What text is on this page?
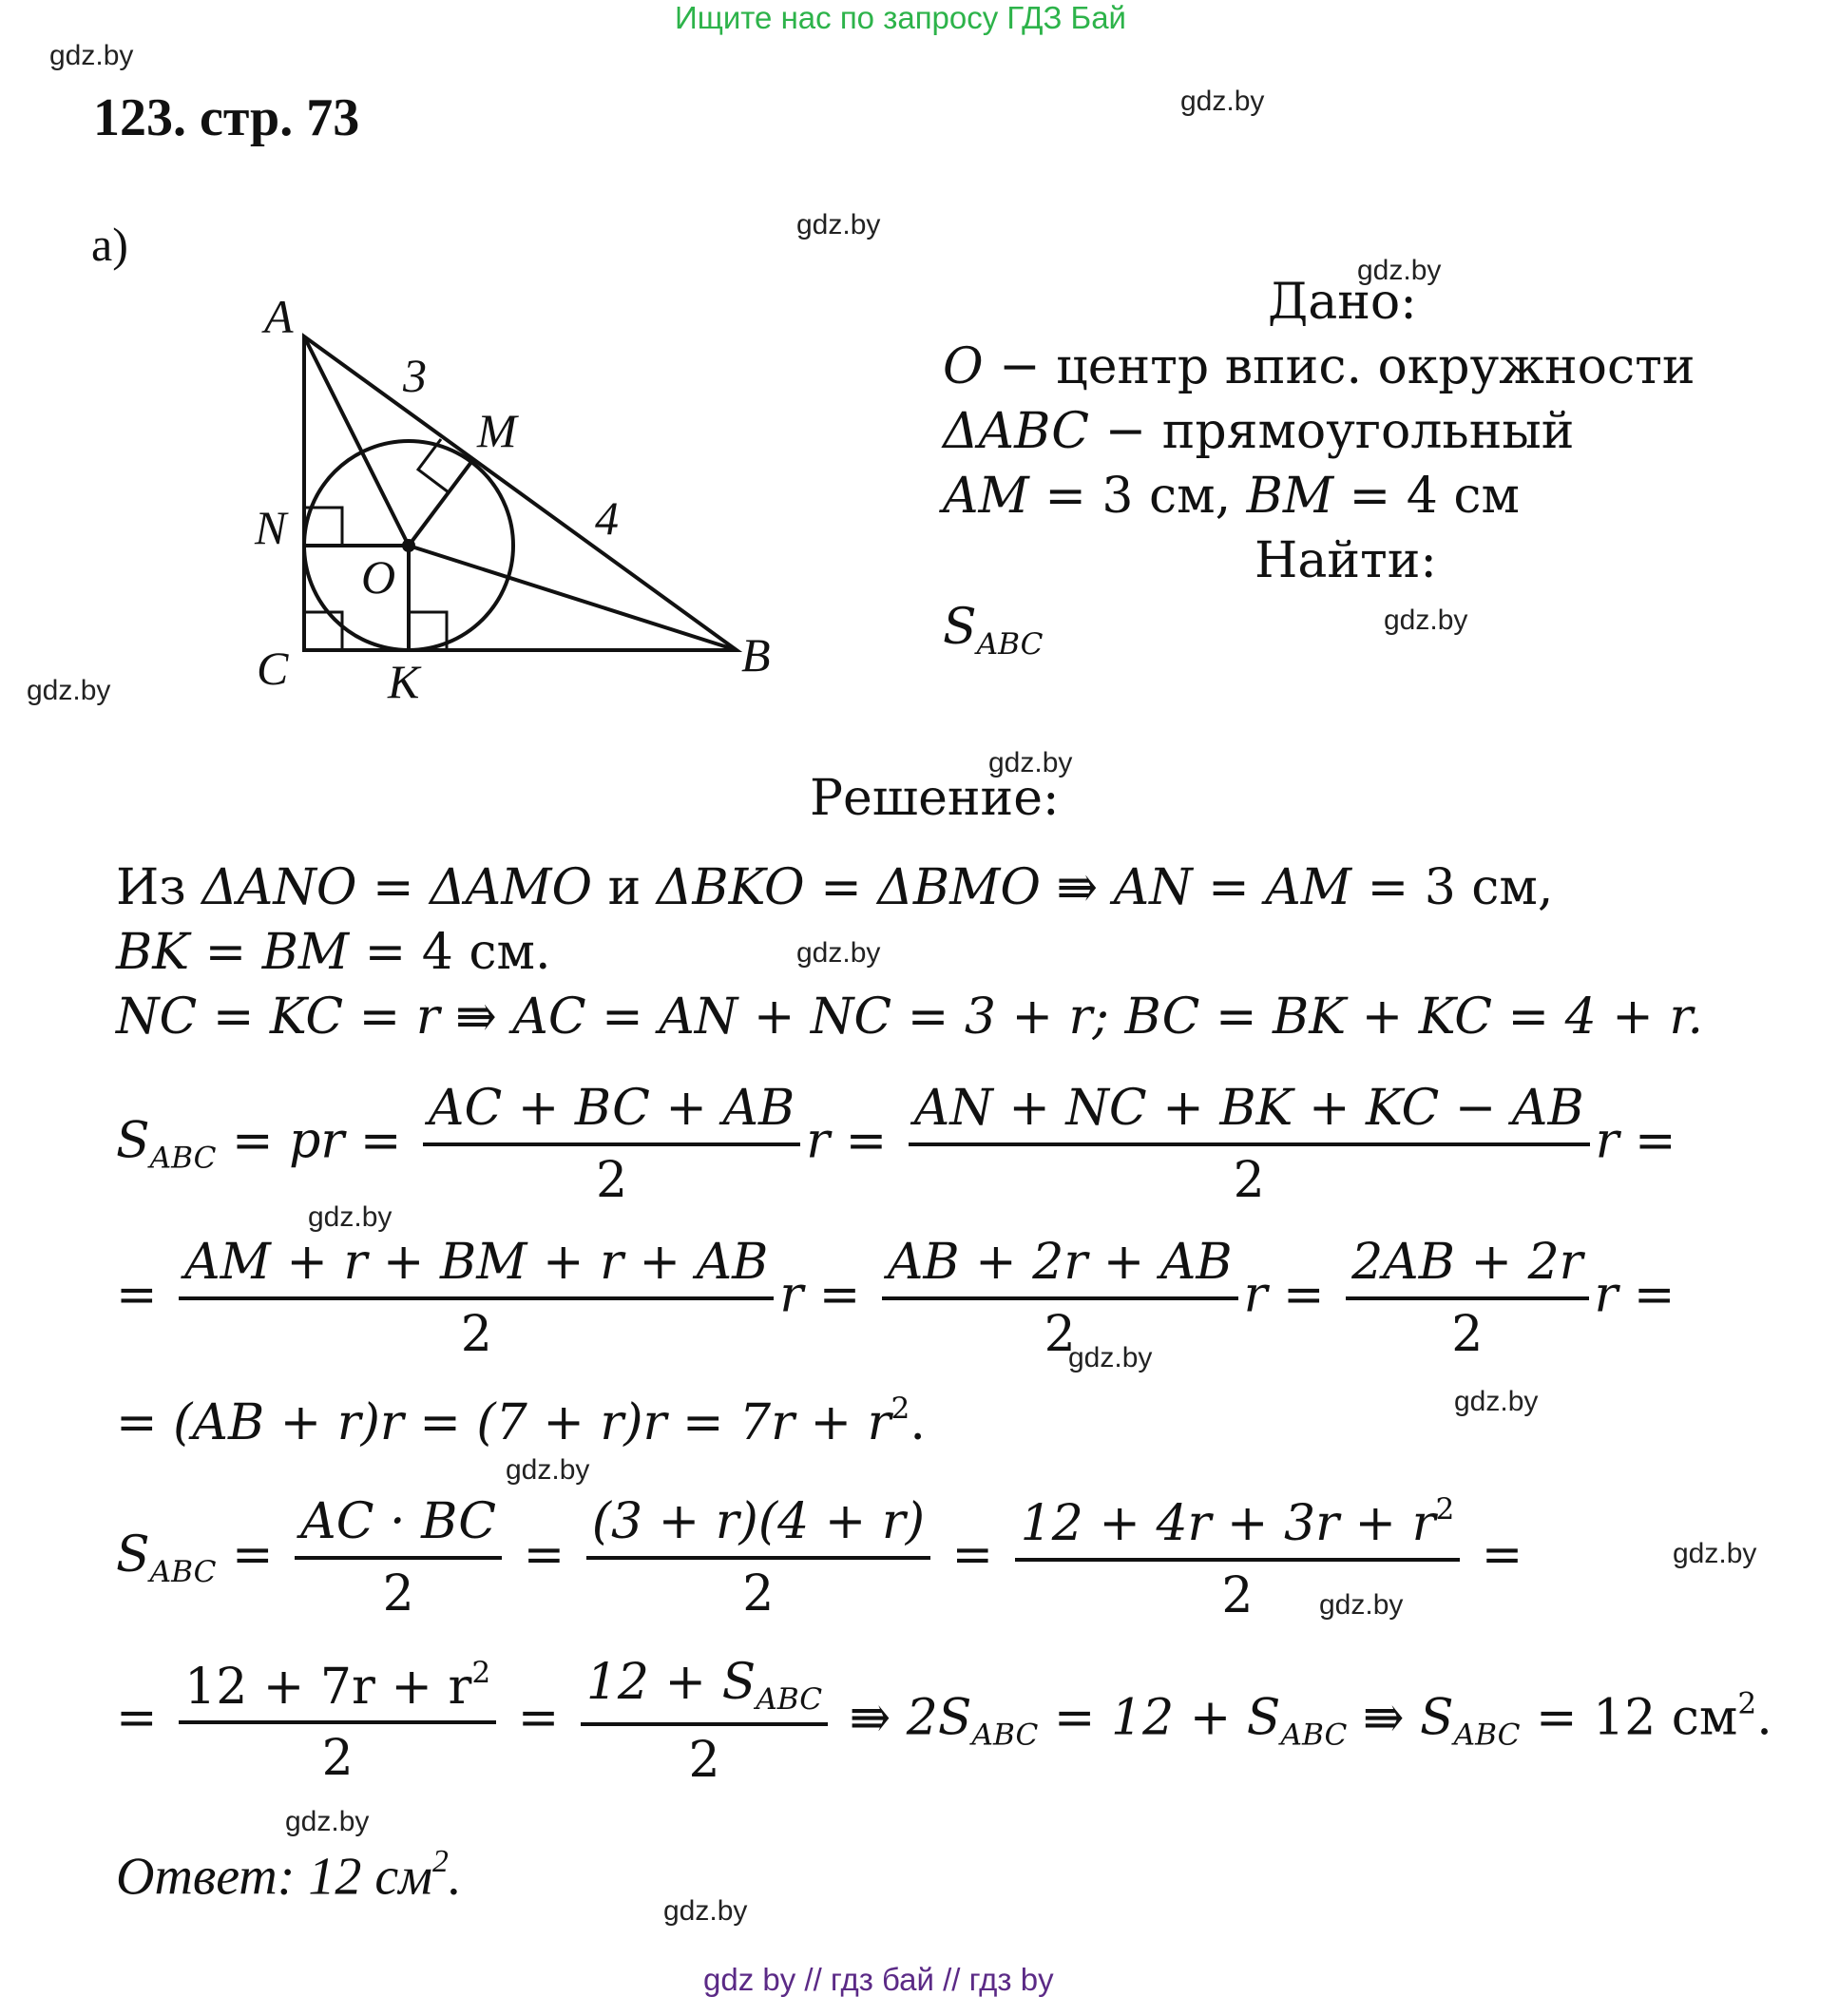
Ищите нас по запросу ГДЗ Бай
gdz.by
gdz.by
gdz.by
gdz.by
gdz.by
gdz.by
gdz.by
gdz.by
gdz.by
gdz.by
gdz.by
gdz.by
gdz.by
gdz.by
gdz.by
gdz.by
123. стр. 73
а)
A
B
C
M
N
O
K
3
4
Дано:
O − центр впис. окружности
ΔABC − прямоугольный
AM = 3 см, BM = 4 см
Найти:
$S_{ABC}$
Решение:
Из ΔANO = ΔAMO и ΔBKO = ΔBMO ⇛ AN = AM = 3 см,
BK = BM = 4 см.
NC = KC = r ⇛ AC = AN + NC = 3 + r; BC = BK + KC = 4 + r.
$S_{ABC}$ = pr = $\frac{AC + BC + AB}{2}$ $r = \frac{AN + NC + BK + KC - AB}{2}$ r =
= $\frac{AM + r + BM + r + AB}{2}$ $r = \frac{AB + 2r + AB}{2}$ $r = \frac{2AB + 2r}{2}$ r =
= $(AB + r)r = (7 + r)r = 7r + r^2$.
$S_{ABC} = \frac{AC \cdot BC}{2} = \frac{(3 + r)(4 + r)}{2} = \frac{12 + 4r + 3r + r^2}{2}$ =
= $\frac{12 + 7r + r^2}{2} = \frac{12 + S_{ABC}}{2}$ ⇛ $2S_{ABC} = 12 + S_{ABC}$ ⇛ $S_{ABC} = 12$ $см^2$.
Ответ: 12 $см^2$.
gdz by // гдз бай // гдз by
